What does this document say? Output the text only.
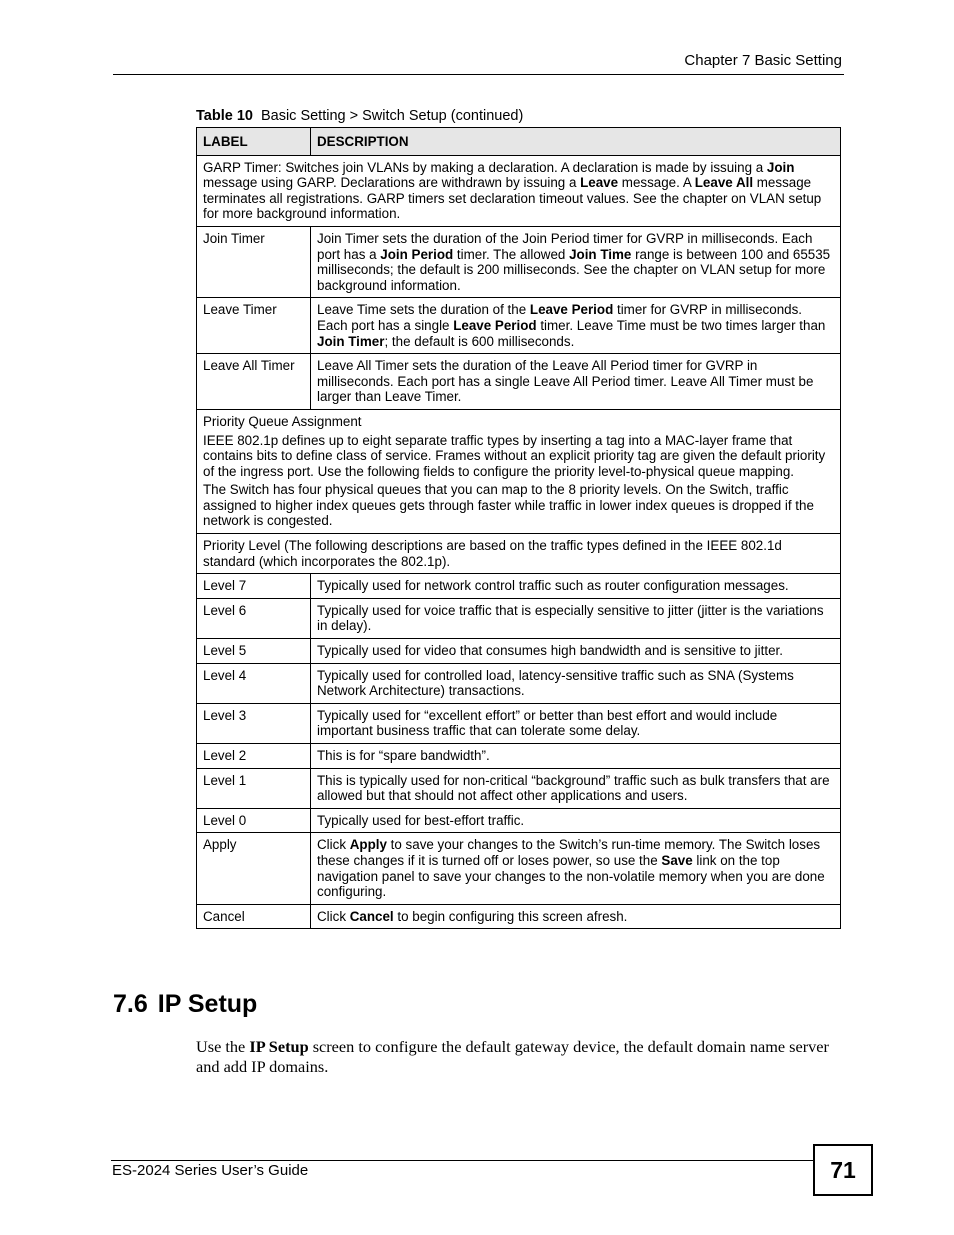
Chapter 7 Basic Setting
Table 10 Basic Setting > Switch Setup (continued)
LABEL	DESCRIPTION
GARP Timer: Switches join VLANs by making a declaration. A declaration is made by issuing a Join message using GARP. Declarations are withdrawn by issuing a Leave message. A Leave All message terminates all registrations. GARP timers set declaration timeout values. See the chapter on VLAN setup for more background information.	
Join Timer	Join Timer sets the duration of the Join Period timer for GVRP in milliseconds. Each port has a Join Period timer. The allowed Join Time range is between 100 and 65535 milliseconds; the default is 200 milliseconds. See the chapter on VLAN setup for more background information.
Leave Timer	Leave Time sets the duration of the Leave Period timer for GVRP in milliseconds. Each port has a single Leave Period timer. Leave Time must be two times larger than Join Timer; the default is 600 milliseconds.
Leave All Timer	Leave All Timer sets the duration of the Leave All Period timer for GVRP in milliseconds. Each port has a single Leave All Period timer. Leave All Timer must be larger than Leave Timer.

Priority Queue Assignment

IEEE 802.1p defines up to eight separate traffic types by inserting a tag into a MAC-layer frame that contains bits to define class of service. Frames without an explicit priority tag are given the default priority of the ingress port. Use the following fields to configure the priority level-to-physical queue mapping.

The Switch has four physical queues that you can map to the 8 priority levels. On the Switch, traffic assigned to higher index queues gets through faster while traffic in lower index queues is dropped if the network is congested.	

Priority Level (The following descriptions are based on the traffic types defined in the IEEE 802.1d standard (which incorporates the 802.1p).	
Level 7	Typically used for network control traffic such as router configuration messages.
Level 6	Typically used for voice traffic that is especially sensitive to jitter (jitter is the variations in delay).
Level 5	Typically used for video that consumes high bandwidth and is sensitive to jitter.
Level 4	Typically used for controlled load, latency-sensitive traffic such as SNA (Systems Network Architecture) transactions.
Level 3	Typically used for “excellent effort” or better than best effort and would include important business traffic that can tolerate some delay.
Level 2	This is for “spare bandwidth”.
Level 1	This is typically used for non-critical “background” traffic such as bulk transfers that are allowed but that should not affect other applications and users.
Level 0	Typically used for best-effort traffic.
Apply	Click Apply to save your changes to the Switch’s run-time memory. The Switch loses these changes if it is turned off or loses power, so use the Save link on the top navigation panel to save your changes to the non-volatile memory when you are done configuring.
Cancel	Click Cancel to begin configuring this screen afresh.
7.6 IP Setup
Use the IP Setup screen to configure the default gateway device, the default domain name server and add IP domains.
ES-2024 Series User’s Guide	71
